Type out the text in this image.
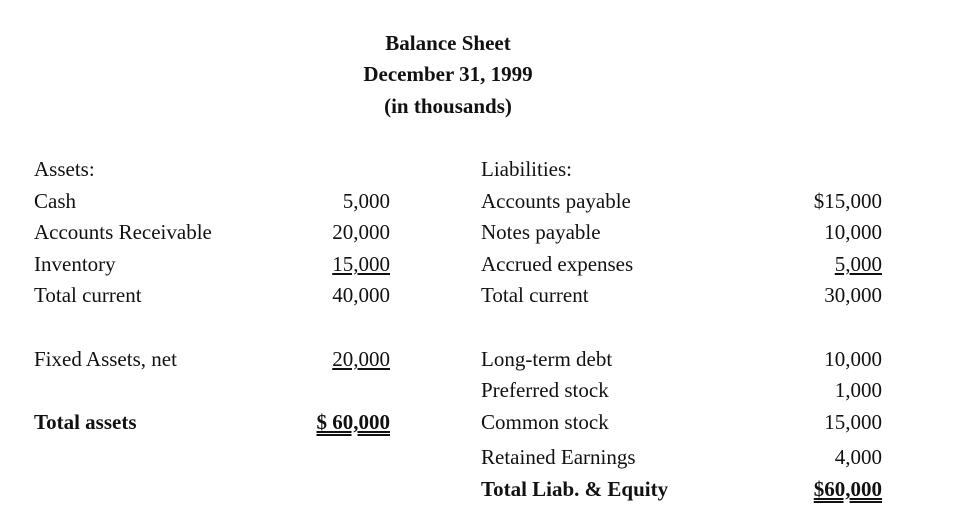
Balance Sheet
December 31, 1999
(in thousands)
Assets:
Cash	5,000
Accounts Receivable	20,000
Inventory	15,000
Total current	40,000
Fixed Assets, net	20,000
Total assets	$ 60,000
Liabilities:
Accounts payable	$15,000
Notes payable	10,000
Accrued expenses	5,000
Total current	30,000
Long-term debt	10,000
Preferred stock	1,000
Common stock	15,000
Retained Earnings	4,000
Total Liab. & Equity	$60,000
